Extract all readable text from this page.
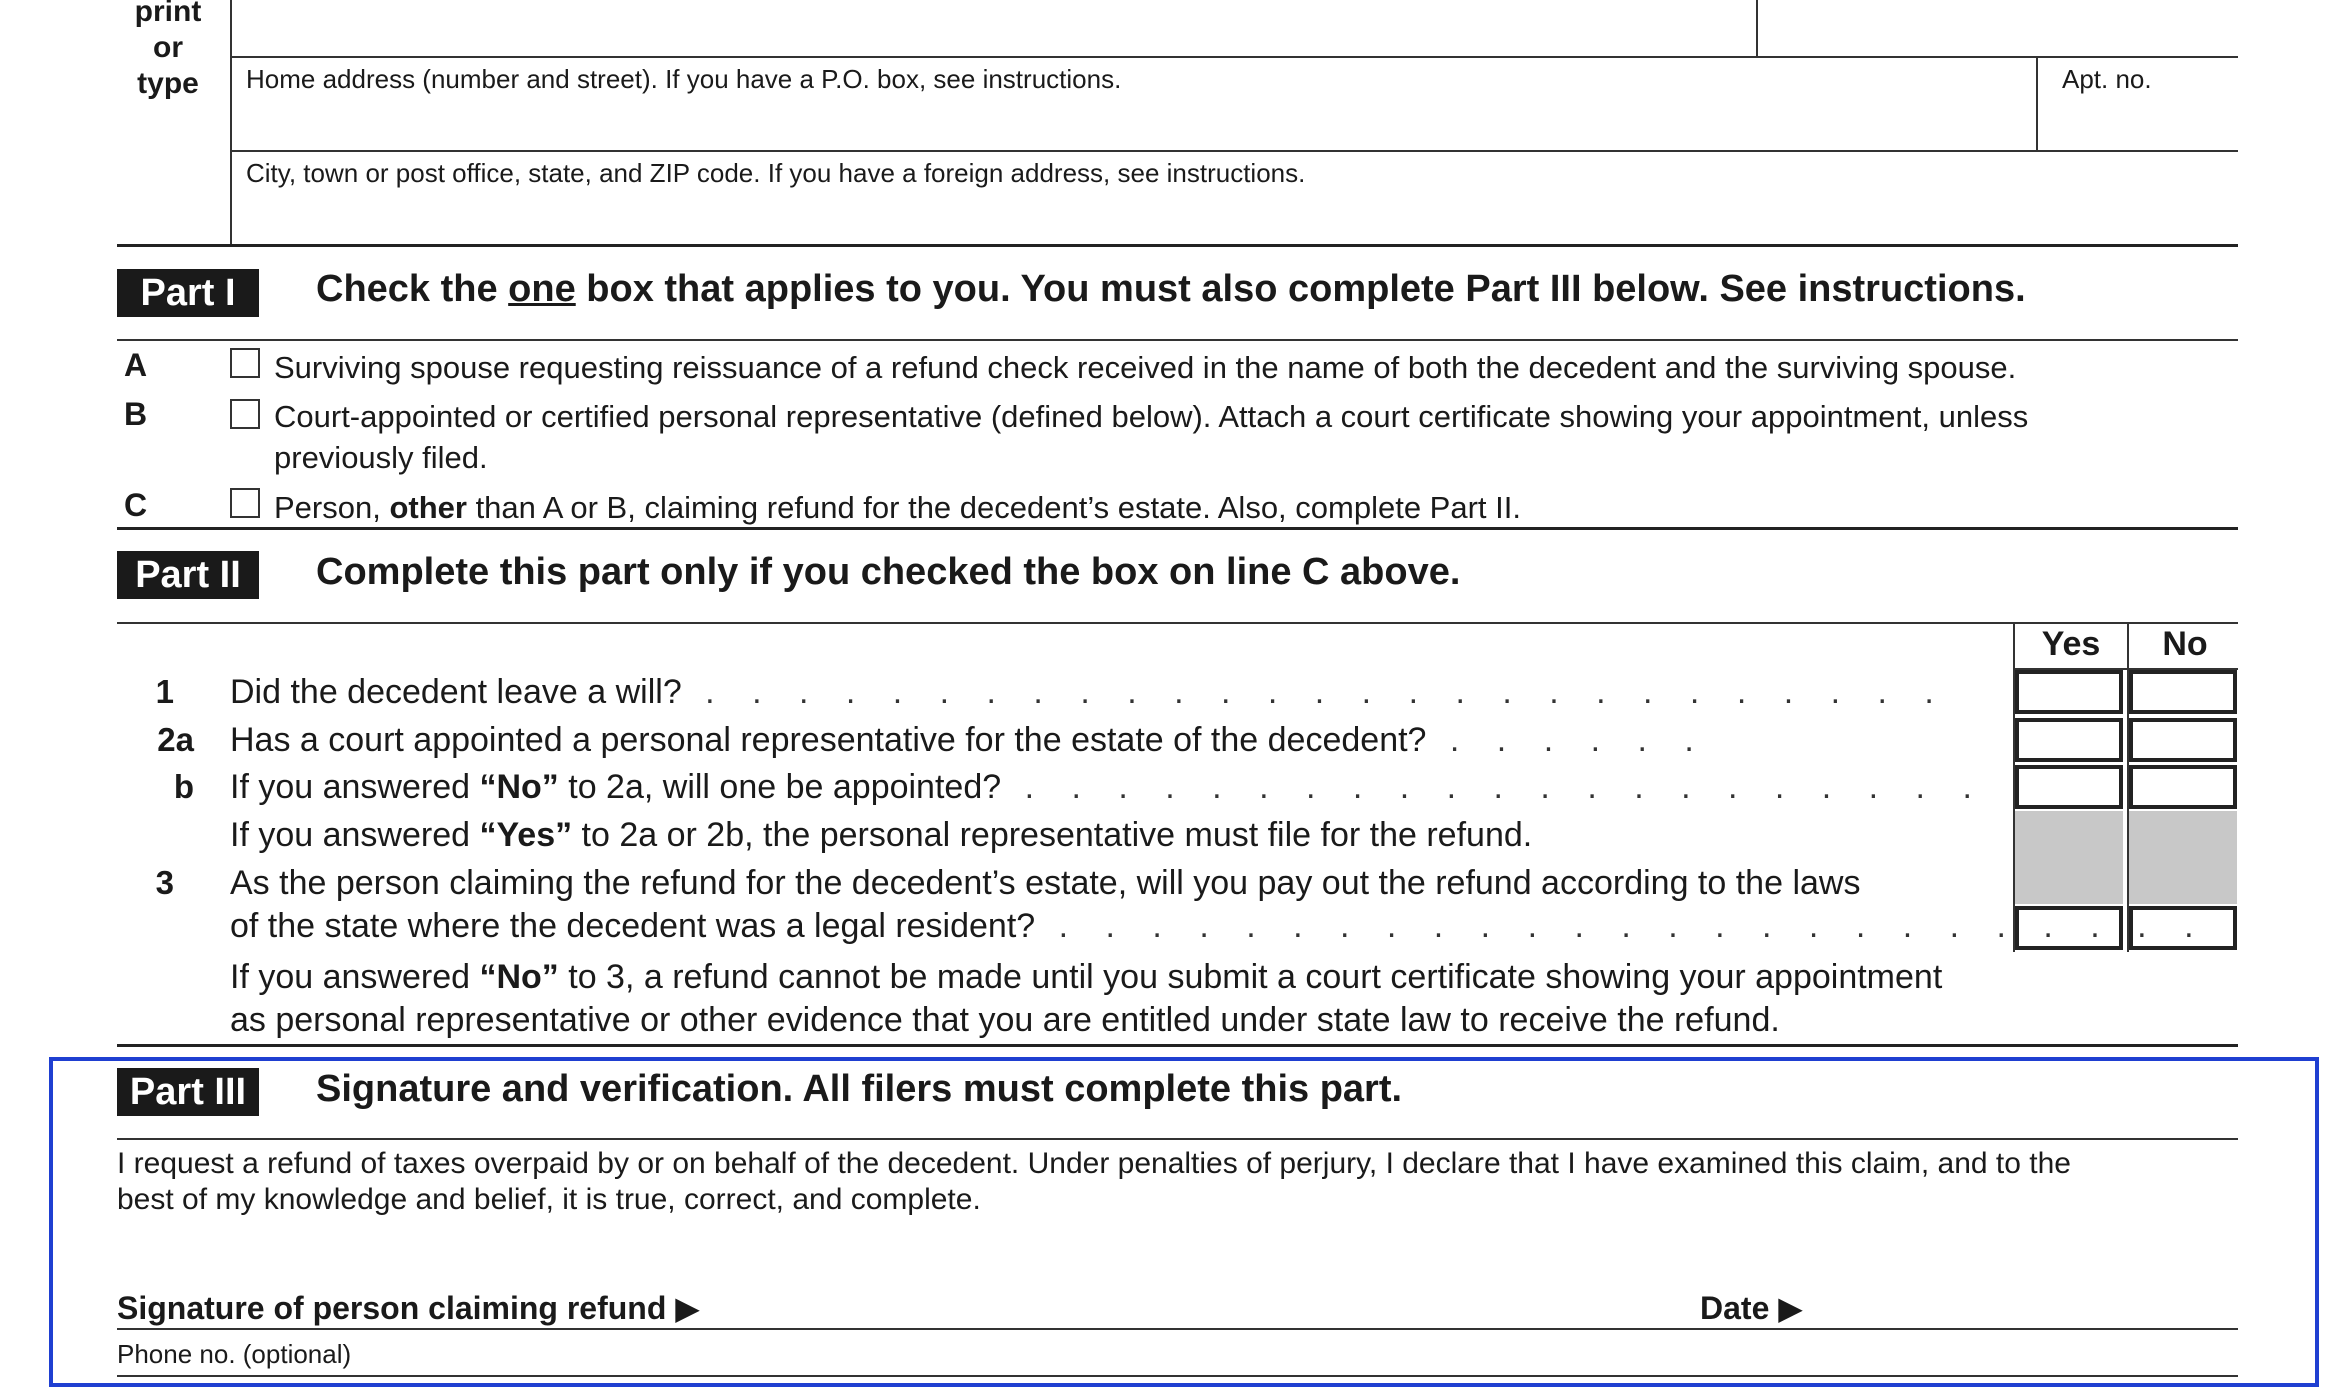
print
or
type	Home address (number and street). If you have a P.O. box, see instructions.	Apt. no.
City, town or post office, state, and ZIP code. If you have a foreign address, see instructions.
Part I	Check the one box that applies to you. You must also complete Part III below. See instructions.
A	Surviving spouse requesting reissuance of a refund check received in the name of both the decedent and the surviving spouse.
B	Court-appointed or certified personal representative (defined below). Attach a court certificate showing your appointment, unless
previously filed.
C	Person, other than A or B, claiming refund for the decedent’s estate. Also, complete Part II.
Part II	Complete this part only if you checked the box on line C above.
Yes	No
1 Did the decedent leave a will? . . . . . . . . . . . . . . . . . . . . . . . . . . .
2a Has a court appointed a personal representative for the estate of the decedent? . . . . . .
b If you answered “No” to 2a, will one be appointed? . . . . . . . . . . . . . . . . . . . . .
If you answered “Yes” to 2a or 2b, the personal representative must file for the refund.
3 As the person claiming the refund for the decedent’s estate, will you pay out the refund according to the laws
of the state where the decedent was a legal resident? . . . . . . . . . . . . . . . . . . . . . . . . .
If you answered “No” to 3, a refund cannot be made until you submit a court certificate showing your appointment
as personal representative or other evidence that you are entitled under state law to receive the refund.
Part III	Signature and verification. All filers must complete this part.
I request a refund of taxes overpaid by or on behalf of the decedent. Under penalties of perjury, I declare that I have examined this claim, and to the
best of my knowledge and belief, it is true, correct, and complete.
Signature of person claiming refund ▶	Date ▶
Phone no. (optional)
